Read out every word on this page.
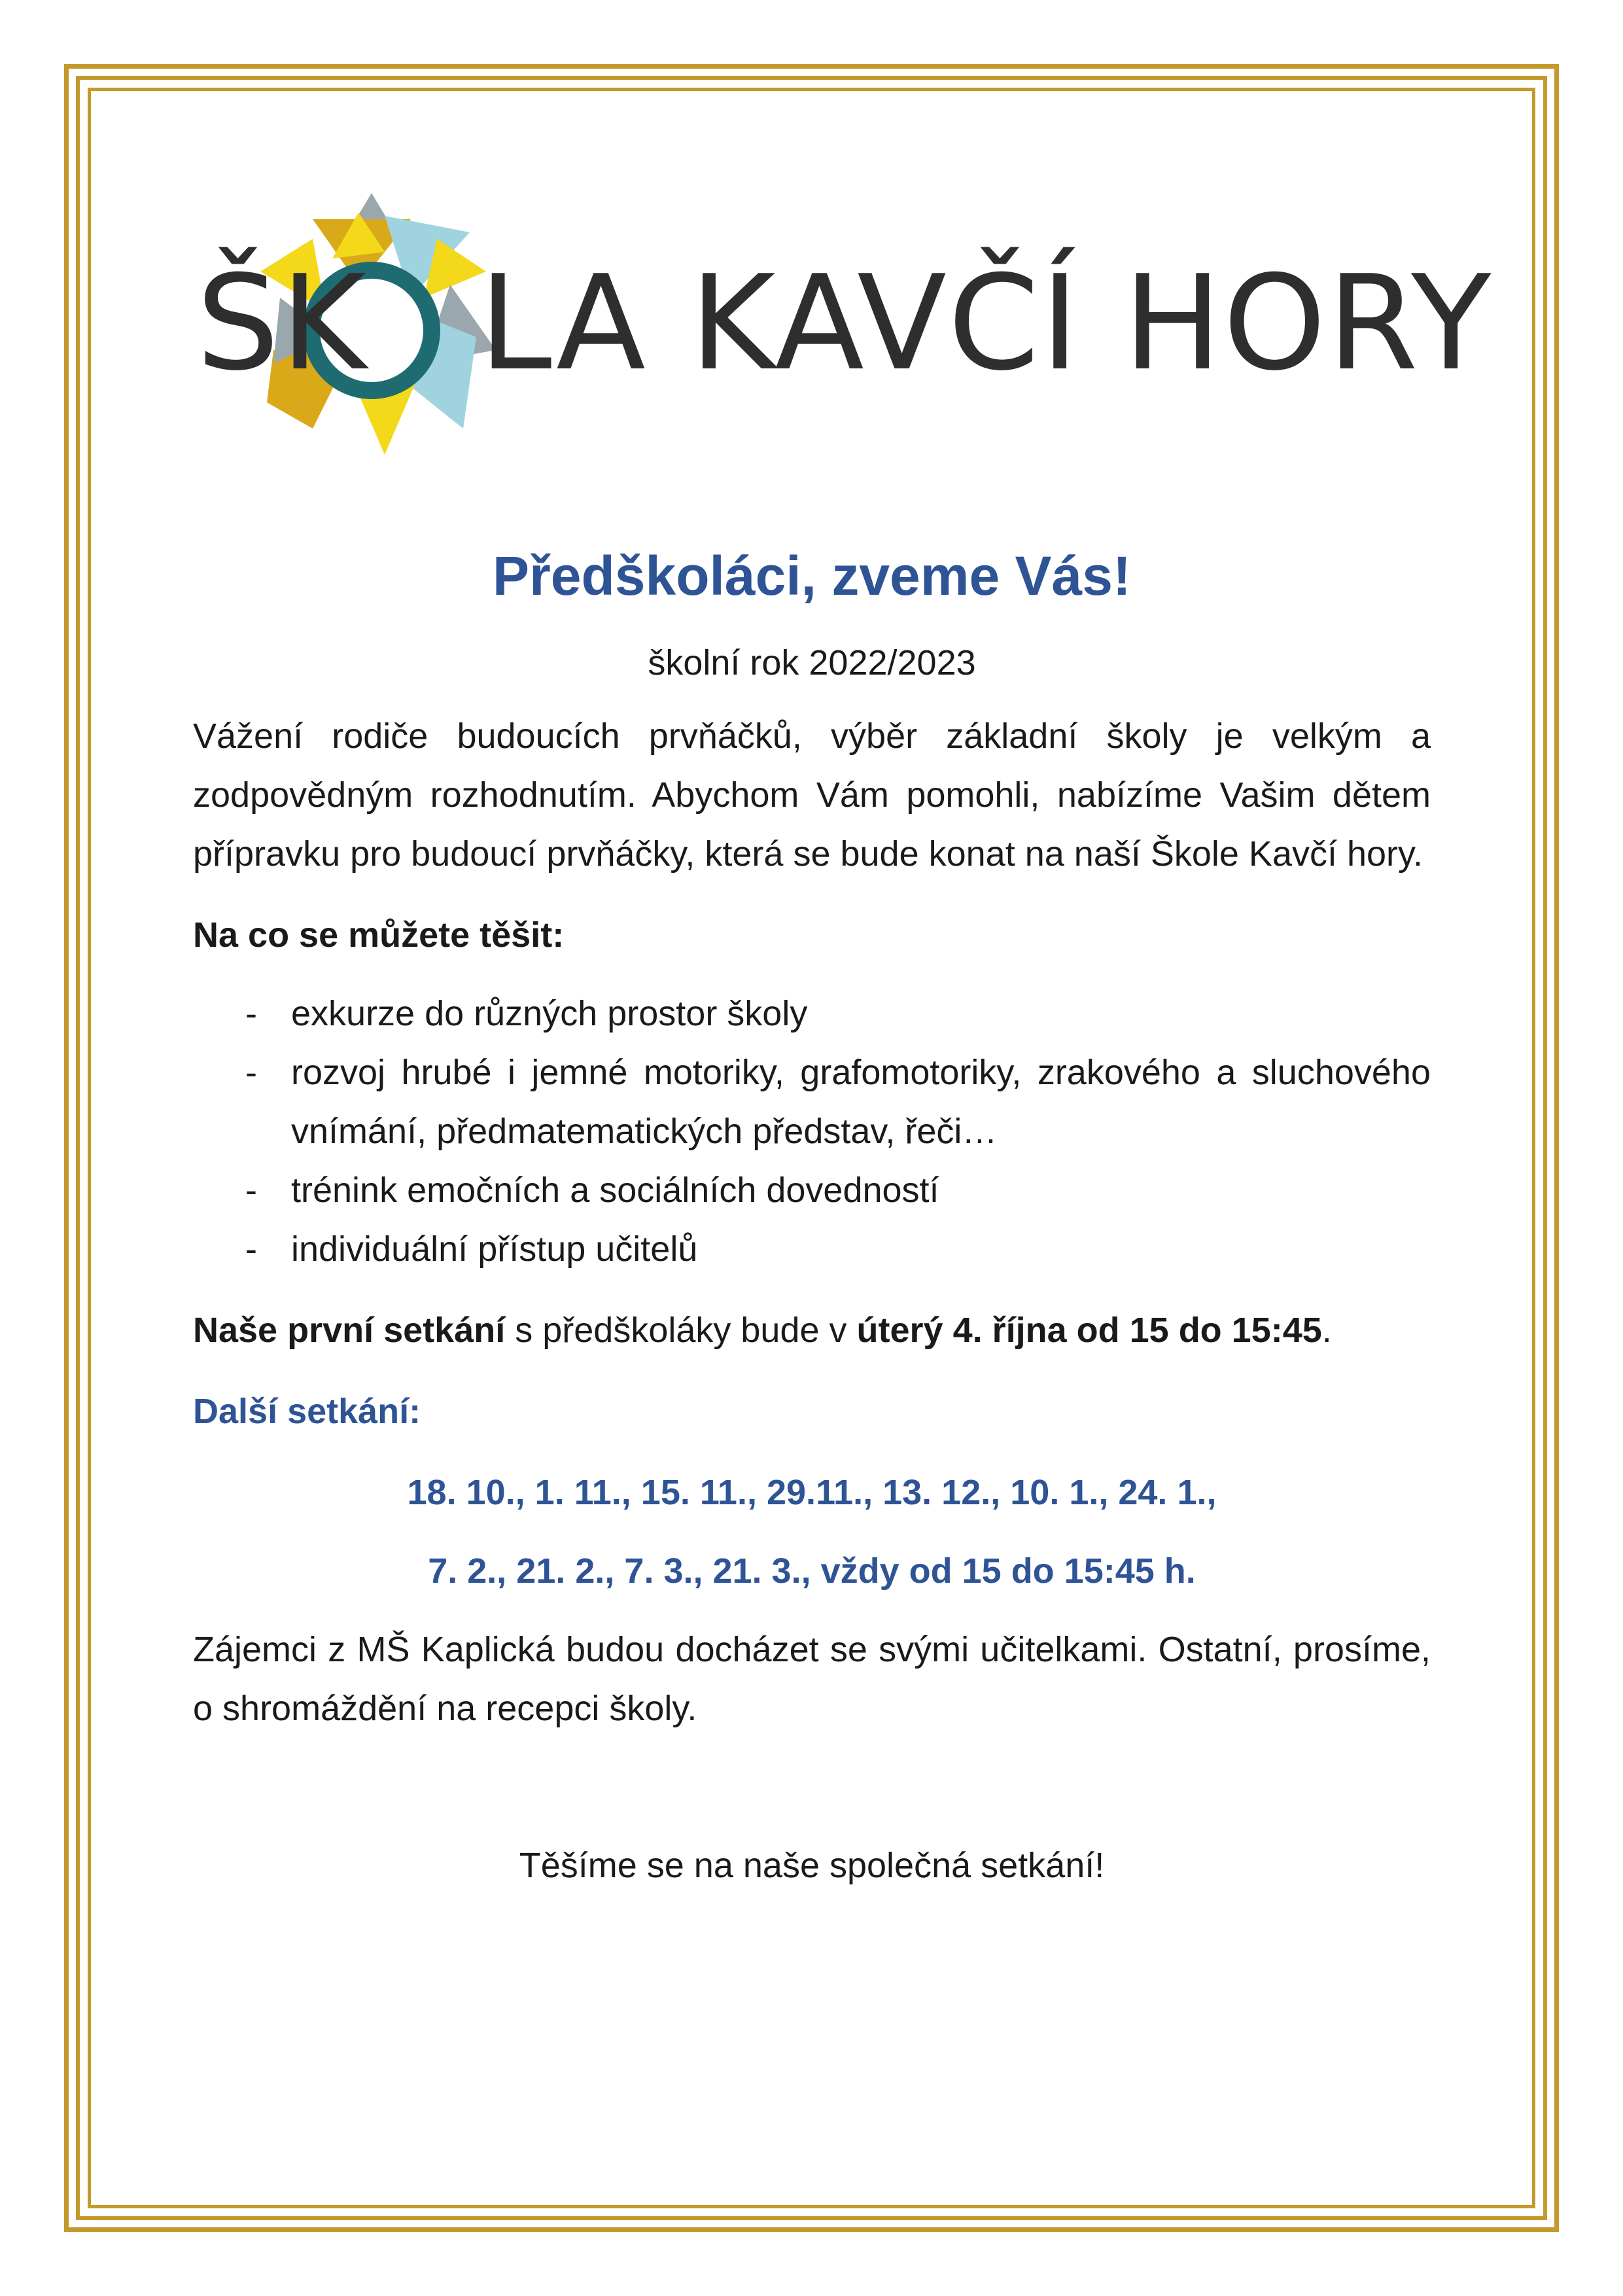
ŠK LA KAVČÍ HORY
Předškoláci, zveme Vás!

školní rok 2022/2023

Vážení rodiče budoucích prvňáčků, výběr základní školy je velkým a zodpovědným rozhodnutím. Abychom Vám pomohli, nabízíme Vašim dětem přípravku pro budoucí prvňáčky, která se bude konat na naší Škole Kavčí hory.

Na co se můžete těšit:

- exkurze do různých prostor školy
- rozvoj hrubé i jemné motoriky, grafomotoriky, zrakového a sluchového vnímání, předmatematických představ, řeči…
- trénink emočních a sociálních dovedností
- individuální přístup učitelů

Naše první setkání s předškoláky bude v úterý 4. října od 15 do 15:45.

Další setkání:

18. 10., 1. 11., 15. 11., 29.11., 13. 12., 10. 1., 24. 1.,

7. 2., 21. 2., 7. 3., 21. 3., vždy od 15 do 15:45 h.

Zájemci z MŠ Kaplická budou docházet se svými učitelkami. Ostatní, prosíme, o shromáždění na recepci školy.

Těšíme se na naše společná setkání!
